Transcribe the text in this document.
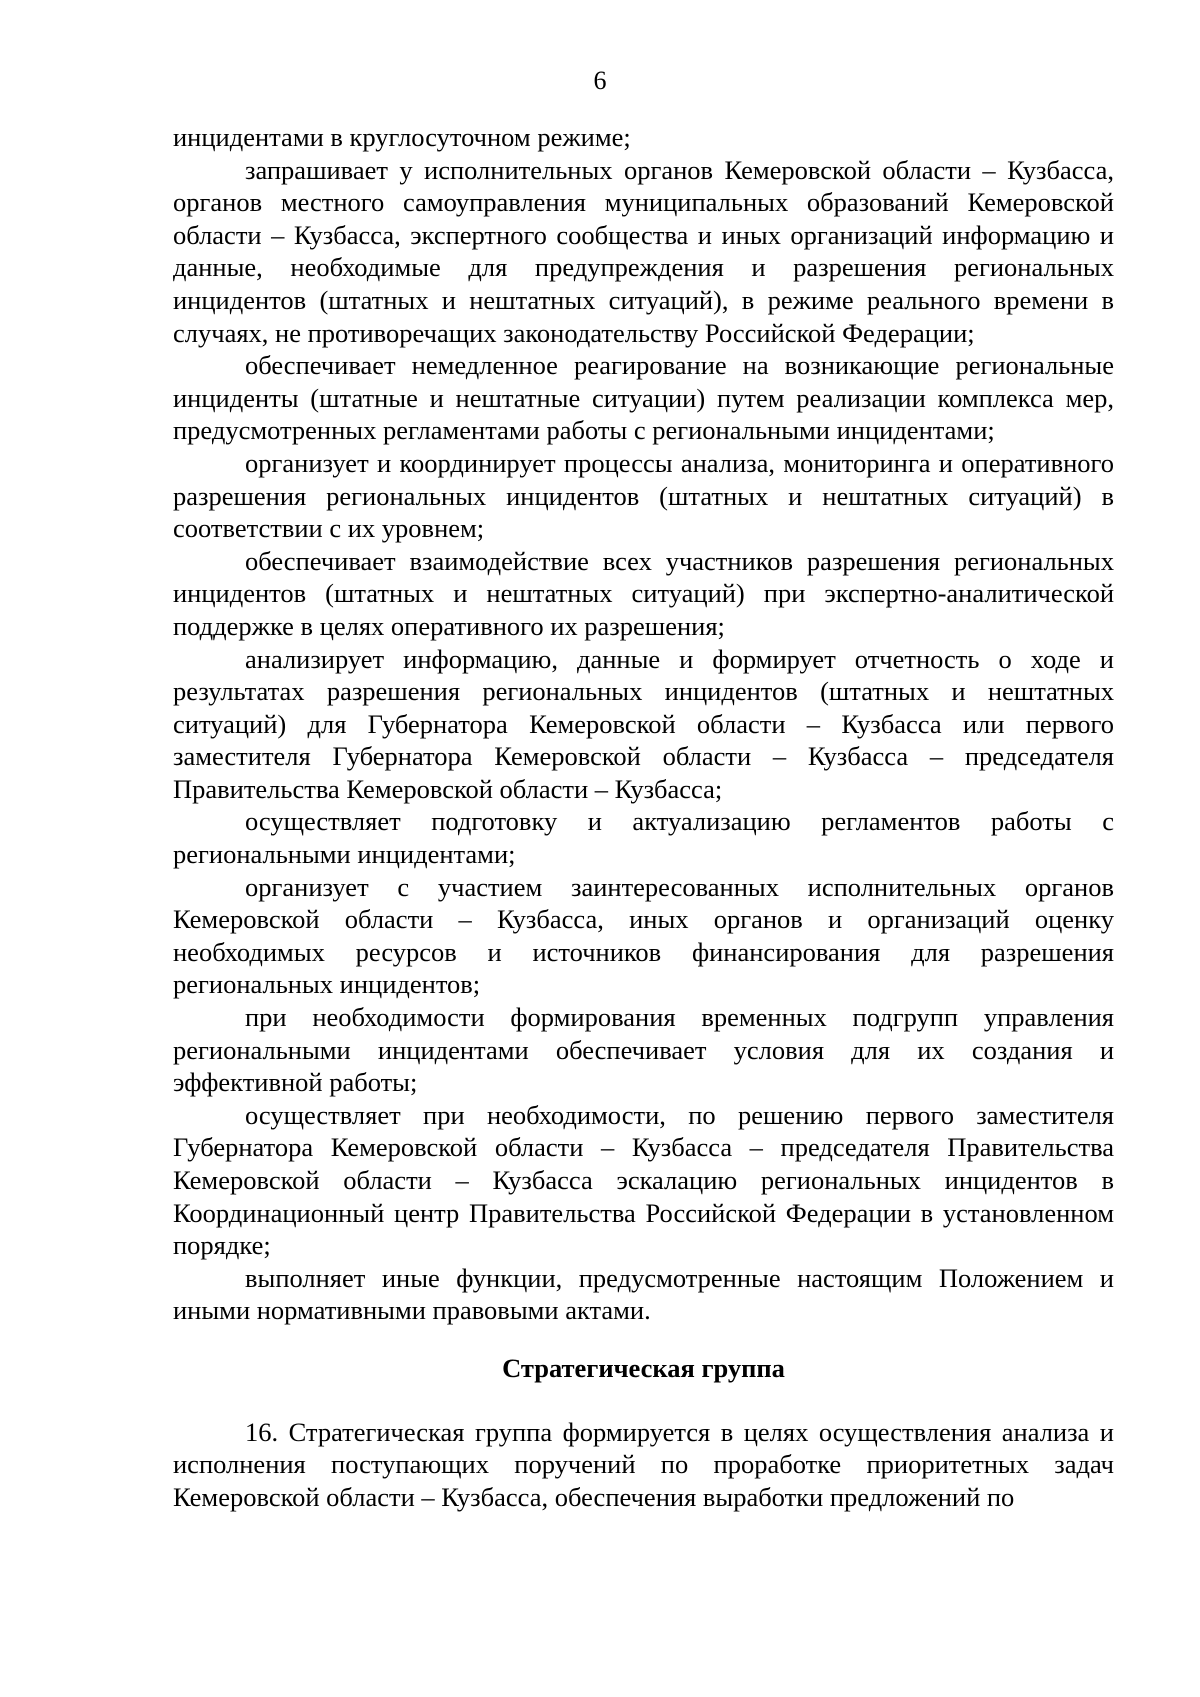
6

инцидентами в круглосуточном режиме;

запрашивает у исполнительных органов Кемеровской области – Кузбасса, органов местного самоуправления муниципальных образований Кемеровской области – Кузбасса, экспертного сообщества и иных организаций информацию и данные, необходимые для предупреждения и разрешения региональных инцидентов (штатных и нештатных ситуаций), в режиме реального времени в случаях, не противоречащих законодательству Российской Федерации;

обеспечивает немедленное реагирование на возникающие региональные инциденты (штатные и нештатные ситуации) путем реализации комплекса мер, предусмотренных регламентами работы с региональными инцидентами;

организует и координирует процессы анализа, мониторинга и оперативного разрешения региональных инцидентов (штатных и нештатных ситуаций) в соответствии с их уровнем;

обеспечивает взаимодействие всех участников разрешения региональных инцидентов (штатных и нештатных ситуаций) при экспертно-аналитической поддержке в целях оперативного их разрешения;

анализирует информацию, данные и формирует отчетность о ходе и результатах разрешения региональных инцидентов (штатных и нештатных ситуаций) для Губернатора Кемеровской области – Кузбасса или первого заместителя Губернатора Кемеровской области – Кузбасса – председателя Правительства Кемеровской области – Кузбасса;

осуществляет подготовку и актуализацию регламентов работы с региональными инцидентами;

организует с участием заинтересованных исполнительных органов Кемеровской области – Кузбасса, иных органов и организаций оценку необходимых ресурсов и источников финансирования для разрешения региональных инцидентов;

при необходимости формирования временных подгрупп управления региональными инцидентами обеспечивает условия для их создания и эффективной работы;

осуществляет при необходимости, по решению первого заместителя Губернатора Кемеровской области – Кузбасса – председателя Правительства Кемеровской области – Кузбасса эскалацию региональных инцидентов в Координационный центр Правительства Российской Федерации в установленном порядке;

выполняет иные функции, предусмотренные настоящим Положением и иными нормативными правовыми актами.

Стратегическая группа

16. Стратегическая группа формируется в целях осуществления анализа и исполнения поступающих поручений по проработке приоритетных задач Кемеровской области – Кузбасса, обеспечения выработки предложений по
